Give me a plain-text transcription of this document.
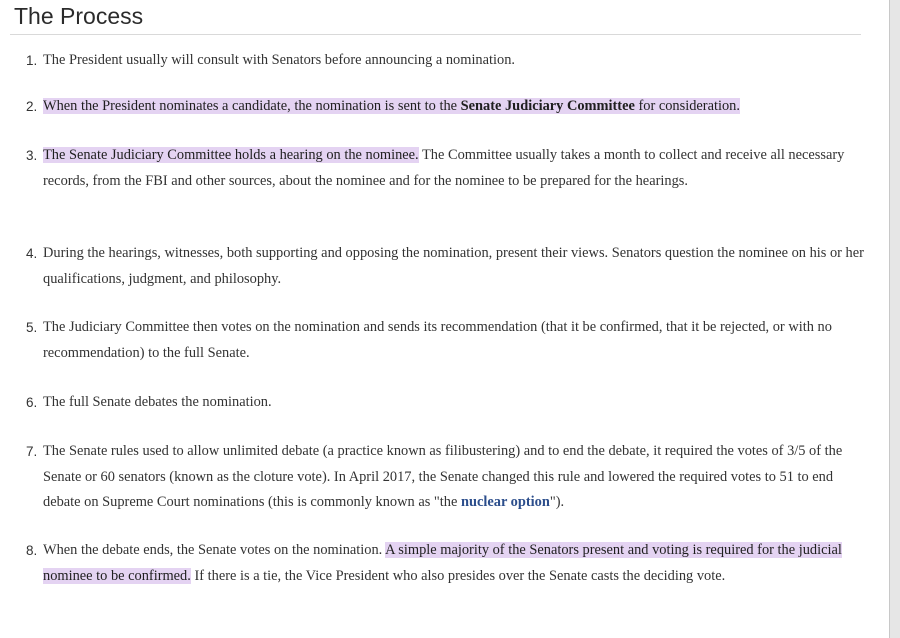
The Process
1. The President usually will consult with Senators before announcing a nomination.
2. When the President nominates a candidate, the nomination is sent to the Senate Judiciary Committee for consideration.
3. The Senate Judiciary Committee holds a hearing on the nominee. The Committee usually takes a month to collect and receive all necessary records, from the FBI and other sources, about the nominee and for the nominee to be prepared for the hearings.
4. During the hearings, witnesses, both supporting and opposing the nomination, present their views. Senators question the nominee on his or her qualifications, judgment, and philosophy.
5. The Judiciary Committee then votes on the nomination and sends its recommendation (that it be confirmed, that it be rejected, or with no recommendation) to the full Senate.
6. The full Senate debates the nomination.
7. The Senate rules used to allow unlimited debate (a practice known as filibustering) and to end the debate, it required the votes of 3/5 of the Senate or 60 senators (known as the cloture vote). In April 2017, the Senate changed this rule and lowered the required votes to 51 to end debate on Supreme Court nominations (this is commonly known as "the nuclear option").
8. When the debate ends, the Senate votes on the nomination. A simple majority of the Senators present and voting is required for the judicial nominee to be confirmed. If there is a tie, the Vice President who also presides over the Senate casts the deciding vote.
